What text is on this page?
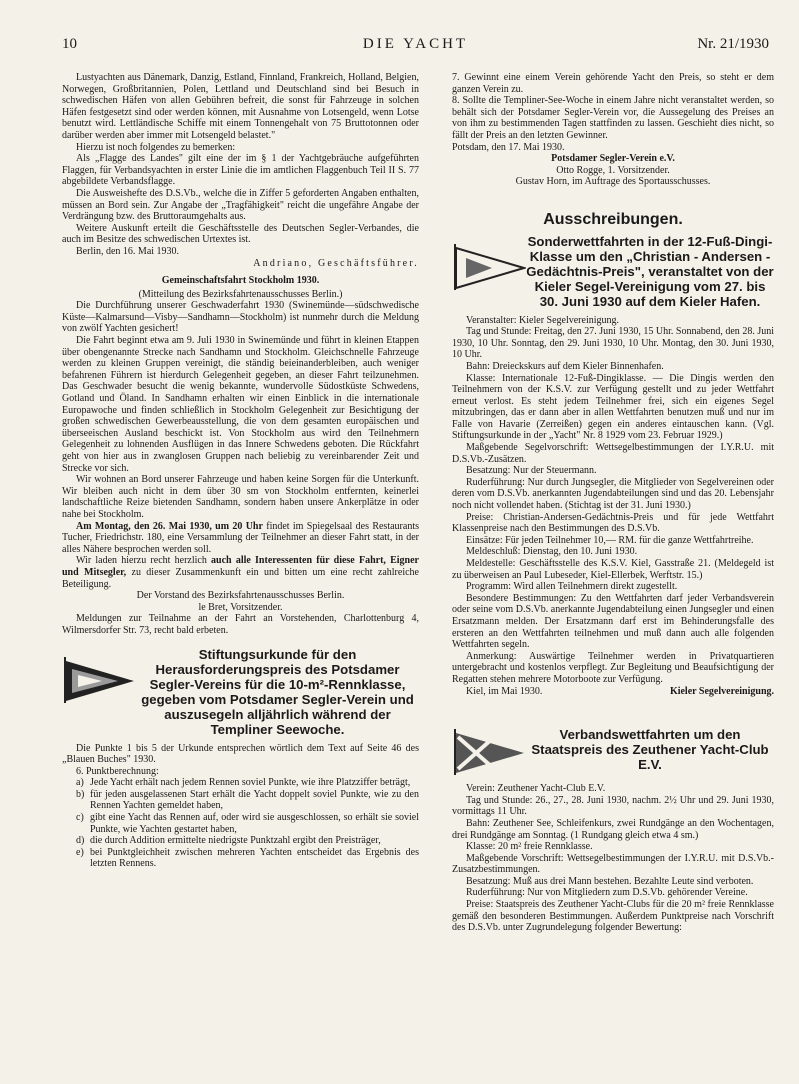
10	DIE YACHT	Nr. 21/1930

Lustyachten aus Dänemark, Danzig, Estland, Finnland, Frankreich, Holland, Belgien, Norwegen, Großbritannien, Polen, Lettland und Deutschland sind bei Besuch in schwedischen Häfen von allen Gebühren befreit, die sonst für Fahrzeuge in solchen Häfen festgesetzt sind oder werden können, mit Ausnahme von Lotsengeld, wenn Lotse benutzt wird. Lettländische Schiffe mit einem Tonnengehalt von 75 Bruttotonnen oder darüber werden aber immer mit Lotsengeld belastet."

Hierzu ist noch folgendes zu bemerken:

Als „Flagge des Landes" gilt eine der im § 1 der Yachtgebräuche aufgeführten Flaggen, für Verbandsyachten in erster Linie die im amtlichen Flaggenbuch Teil II S. 77 abgebildete Verbandsflagge.

Die Ausweishefte des D.S.Vb., welche die in Ziffer 5 geforderten Angaben enthalten, müssen an Bord sein. Zur Angabe der „Tragfähigkeit" reicht die ungefähre Angabe der Verdrängung bzw. des Bruttoraumgehalts aus.

Weitere Auskunft erteilt die Geschäftsstelle des Deutschen Segler-Verbandes, die auch im Besitze des schwedischen Urtextes ist.

Berlin, den 16. Mai 1930.

Andriano, Geschäftsführer.

Gemeinschaftsfahrt Stockholm 1930.

(Mitteilung des Bezirksfahrtenausschusses Berlin.)

Die Durchführung unserer Geschwaderfahrt 1930 (Swinemünde—südschwedische Küste—Kalmarsund—Visby—Sandhamn—Stockholm) ist nunmehr durch die Meldung von zwölf Yachten gesichert!

Die Fahrt beginnt etwa am 9. Juli 1930 in Swinemünde und führt in kleinen Etappen über obengenannte Strecke nach Sandhamn und Stockholm. Gleichschnelle Fahrzeuge werden zu kleinen Gruppen vereinigt, die ständig beieinanderbleiben, auch weniger befahrenen Führern ist hierdurch Gelegenheit gegeben, an dieser Fahrt teilzunehmen. Das Geschwader besucht die wenig bekannte, wundervolle Südostküste Schwedens, Gotland und Öland. In Sandhamn erhalten wir einen Einblick in die internationale Europawoche und finden schließlich in Stockholm Gelegenheit zur Besichtigung der großen schwedischen Gewerbeausstellung, die von dem gesamten europäischen und überseeischen Ausland beschickt ist. Von Stockholm aus wird den Teilnehmern Gelegenheit zu lohnenden Ausflügen in das Innere Schwedens geboten. Die Rückfahrt geht von hier aus in zwanglosen Gruppen nach beliebig zu vereinbarender Zeit und Strecke vor sich.

Wir wohnen an Bord unserer Fahrzeuge und haben keine Sorgen für die Unterkunft. Wir bleiben auch nicht in dem über 30 sm von Stockholm entfernten, keinerlei landschaftliche Reize bietenden Sandhamn, sondern haben unsere Ankerplätze in oder nahe bei Stockholm.

Am Montag, den 26. Mai 1930, um 20 Uhr findet im Spiegelsaal des Restaurants Tucher, Friedrichstr. 180, eine Versammlung der Teilnehmer an dieser Fahrt statt, in der alles Nähere besprochen werden soll.

Wir laden hierzu recht herzlich auch alle Interessenten für diese Fahrt, Eigner und Mitsegler, zu dieser Zusammenkunft ein und bitten um eine recht zahlreiche Beteiligung.

Der Vorstand des Bezirksfahrtenausschusses Berlin.

le Bret, Vorsitzender.

Meldungen zur Teilnahme an der Fahrt an Vorstehenden, Charlottenburg 4, Wilmersdorfer Str. 73, recht bald erbeten.

Stiftungsurkunde für den Herausforderungspreis des Potsdamer Segler-Vereins für die 10-m²-Rennklasse, gegeben vom Potsdamer Segler-Verein und auszusegeln alljährlich während der Templiner Seewoche.

Die Punkte 1 bis 5 der Urkunde entsprechen wörtlich dem Text auf Seite 46 des „Blauen Buches" 1930.

6. Punktberechnung:

a) Jede Yacht erhält nach jedem Rennen soviel Punkte, wie ihre Platzziffer beträgt,
b) für jeden ausgelassenen Start erhält die Yacht doppelt soviel Punkte, wie zu den Rennen Yachten gemeldet haben,
c) gibt eine Yacht das Rennen auf, oder wird sie ausgeschlossen, so erhält sie soviel Punkte, wie Yachten gestartet haben,
d) die durch Addition ermittelte niedrigste Punktzahl ergibt den Preisträger,
e) bei Punktgleichheit zwischen mehreren Yachten entscheidet das Ergebnis des letzten Rennens.

7. Gewinnt eine einem Verein gehörende Yacht den Preis, so steht er dem ganzen Verein zu.

8. Sollte die Templiner-See-Woche in einem Jahre nicht veranstaltet werden, so behält sich der Potsdamer Segler-Verein vor, die Aussegelung des Preises an von ihm zu bestimmenden Tagen stattfinden zu lassen. Geschieht dies nicht, so fällt der Preis an den letzten Gewinner.

Potsdam, den 17. Mai 1930.

Potsdamer Segler-Verein e.V.

Otto Rogge, 1. Vorsitzender.

Gustav Horn, im Auftrage des Sportausschusses.

Ausschreibungen.
Sonderwettfahrten in der 12-Fuß-Dingi-Klasse um den „Christian - Andersen - Gedächtnis-Preis", veranstaltet von der Kieler Segel-Vereinigung vom 27. bis 30. Juni 1930 auf dem Kieler Hafen.

Veranstalter: Kieler Segelvereinigung.

Tag und Stunde: Freitag, den 27. Juni 1930, 15 Uhr. Sonnabend, den 28. Juni 1930, 10 Uhr. Sonntag, den 29. Juni 1930, 10 Uhr. Montag, den 30. Juni 1930, 10 Uhr.

Bahn: Dreieckskurs auf dem Kieler Binnenhafen.

Klasse: Internationale 12-Fuß-Dingiklasse. — Die Dingis werden den Teilnehmern von der K.S.V. zur Verfügung gestellt und zu jeder Wettfahrt erneut verlost. Es steht jedem Teilnehmer frei, sich ein eigenes Segel mitzubringen, das er dann aber in allen Wettfahrten benutzen muß und nur im Falle von Havarie (Zerreißen) gegen ein anderes eintauschen kann. (Vgl. Stiftungsurkunde in der „Yacht" Nr. 8 1929 vom 23. Februar 1929.)

Maßgebende Segelvorschrift: Wettsegelbestimmungen der I.Y.R.U. mit D.S.Vb.-Zusätzen.

Besatzung: Nur der Steuermann.

Ruderführung: Nur durch Jungsegler, die Mitglieder von Segelvereinen oder deren vom D.S.Vb. anerkannten Jugendabteilungen sind und das 20. Lebensjahr noch nicht vollendet haben. (Stichtag ist der 31. Juni 1930.)

Preise: Christian-Andersen-Gedächtnis-Preis und für jede Wettfahrt Klassenpreise nach den Bestimmungen des D.S.Vb.

Einsätze: Für jeden Teilnehmer 10,— RM. für die ganze Wettfahrtreihe.

Meldeschluß: Dienstag, den 10. Juni 1930.

Meldestelle: Geschäftsstelle des K.S.V. Kiel, Gasstraße 21. (Meldegeld ist zu überweisen an Paul Lubeseder, Kiel-Ellerbek, Werftstr. 15.)

Programm: Wird allen Teilnehmern direkt zugestellt.

Besondere Bestimmungen: Zu den Wettfahrten darf jeder Verbandsverein oder seine vom D.S.Vb. anerkannte Jugendabteilung einen Jungsegler und einen Ersatzmann melden. Der Ersatzmann darf erst im Behinderungsfalle des ersteren an den Wettfahrten teilnehmen und muß dann auch alle folgenden Wettfahrten segeln.

Anmerkung: Auswärtige Teilnehmer werden in Privatquartieren untergebracht und kostenlos verpflegt. Zur Begleitung und Beaufsichtigung der Regatten stehen mehrere Motorboote zur Verfügung.

Kiel, im Mai 1930.	Kieler Segelvereinigung.
Verbandswettfahrten um den Staatspreis des Zeuthener Yacht-Club E.V.

Verein: Zeuthener Yacht-Club E.V.

Tag und Stunde: 26., 27., 28. Juni 1930, nachm. 2½ Uhr und 29. Juni 1930, vormittags 11 Uhr.

Bahn: Zeuthener See, Schleifenkurs, zwei Rundgänge an den Wochentagen, drei Rundgänge am Sonntag. (1 Rundgang gleich etwa 4 sm.)

Klasse: 20 m² freie Rennklasse.

Maßgebende Vorschrift: Wettsegelbestimmungen der I.Y.R.U. mit D.S.Vb.-Zusatzbestimmungen.

Besatzung: Muß aus drei Mann bestehen. Bezahlte Leute sind verboten.

Ruderführung: Nur von Mitgliedern zum D.S.Vb. gehörender Vereine.

Preise: Staatspreis des Zeuthener Yacht-Clubs für die 20 m² freie Rennklasse gemäß den besonderen Bestimmungen. Außerdem Punktpreise nach Vorschrift des D.S.Vb. unter Zugrundelegung folgender Bewertung:
